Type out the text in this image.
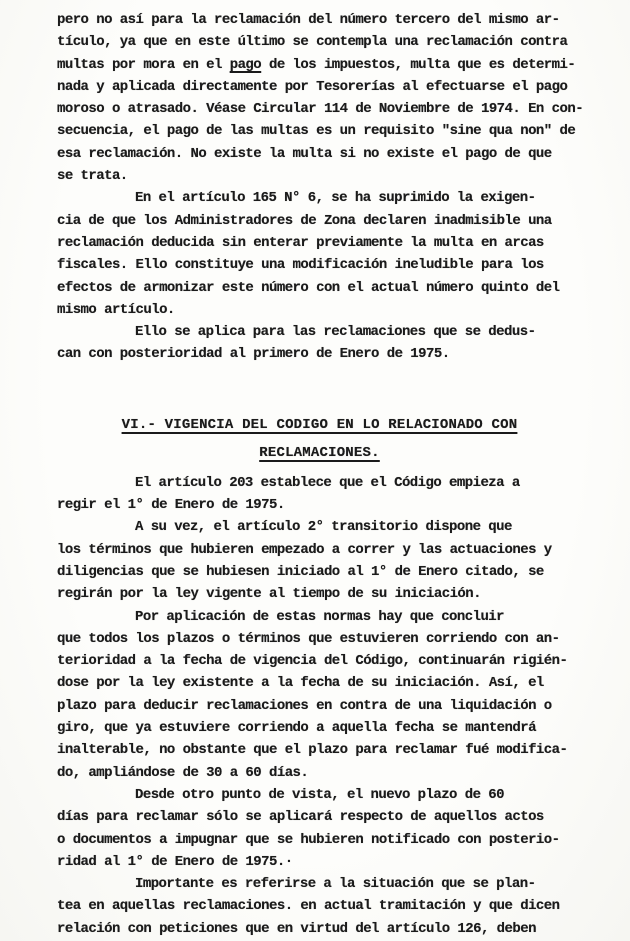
pero no así para la reclamación del número tercero del mismo ar-
tículo, ya que en este último se contempla una reclamación contra
multas por mora en el pago de los impuestos, multa que es determi-
nada y aplicada directamente por Tesorerías al efectuarse el pago
moroso o atrasado. Véase Circular 114 de Noviembre de 1974. En con-
secuencia, el pago de las multas es un requisito "sine qua non" de
esa reclamación. No existe la multa si no existe el pago de que
se trata.
En el artículo 165 N° 6, se ha suprimido la exigen-
cia de que los Administradores de Zona declaren inadmisible una
reclamación deducida sin enterar previamente la multa en arcas
fiscales. Ello constituye una modificación ineludible para los
efectos de armonizar este número con el actual número quinto del
mismo artículo.
Ello se aplica para las reclamaciones que se dedus-
can con posterioridad al primero de Enero de 1975.
VI.- VIGENCIA DEL CODIGO EN LO RELACIONADO CON
RECLAMACIONES.
El artículo 203 establece que el Código empieza a
regir el 1° de Enero de 1975.
A su vez, el artículo 2° transitorio dispone que
los términos que hubieren empezado a correr y las actuaciones y
diligencias que se hubiesen iniciado al 1° de Enero citado, se
regirán por la ley vigente al tiempo de su iniciación.
Por aplicación de estas normas hay que concluir
que todos los plazos o términos que estuvieren corriendo con an-
terioridad a la fecha de vigencia del Código, continuarán rigién-
dose por la ley existente a la fecha de su iniciación. Así, el
plazo para deducir reclamaciones en contra de una liquidación o
giro, que ya estuviere corriendo a aquella fecha se mantendrá
inalterable, no obstante que el plazo para reclamar fué modifica-
do, ampliándose de 30 a 60 días.
Desde otro punto de vista, el nuevo plazo de 60
días para reclamar sólo se aplicará respecto de aquellos actos
o documentos a impugnar que se hubieren notificado con posterio-
ridad al 1° de Enero de 1975.·
Importante es referirse a la situación que se plan-
tea en aquellas reclamaciones. en actual tramitación y que dicen
relación con peticiones que en virtud del artículo 126, deben
